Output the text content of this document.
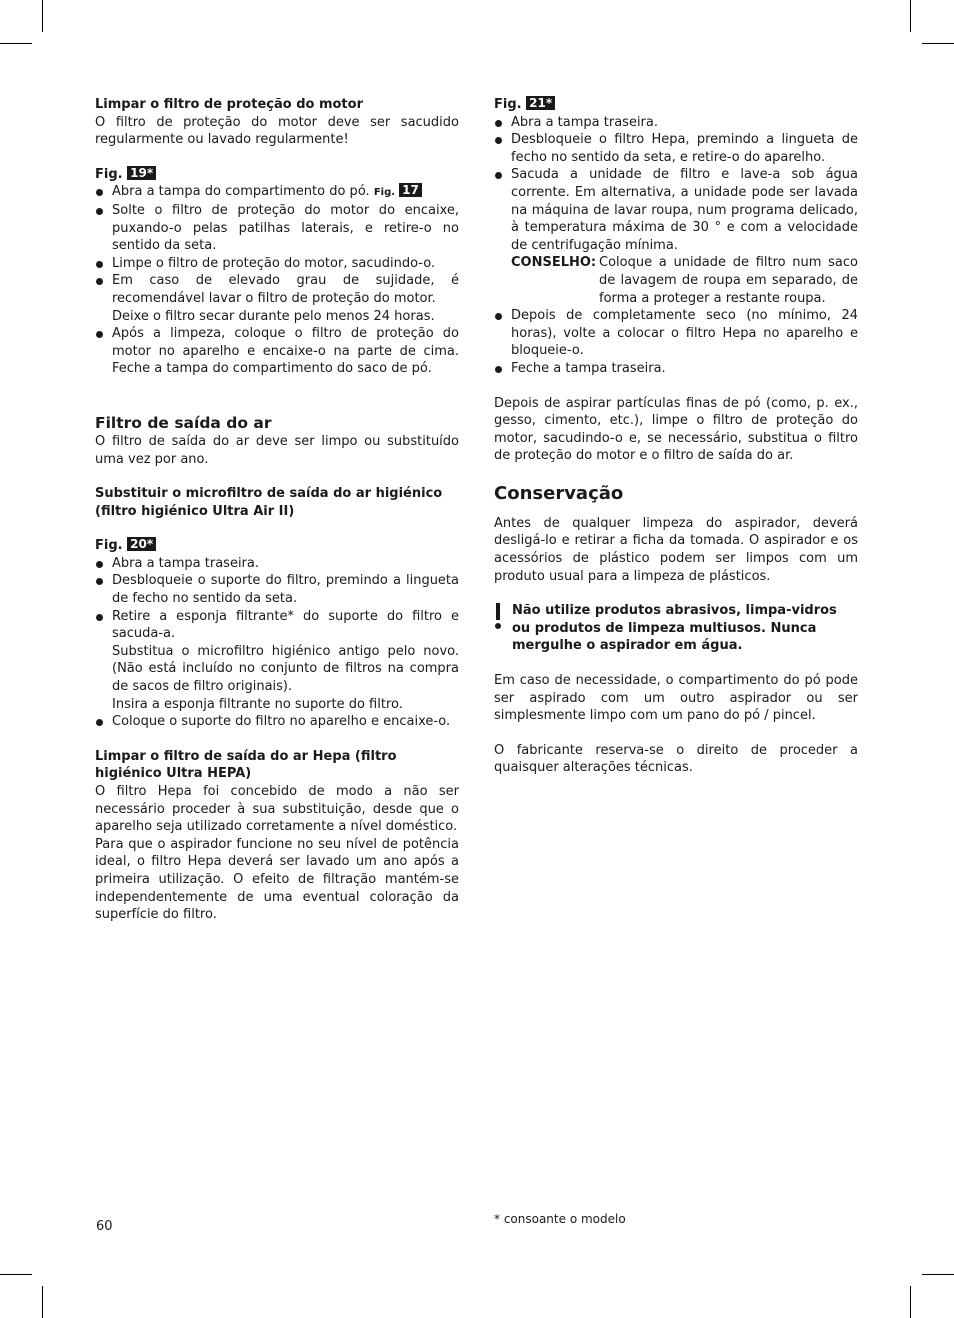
Limpar o filtro de proteção do motor

O filtro de proteção do motor deve ser sacudido regularmente ou lavado regularmente!

Fig. 19*
Abra a tampa do compartimento do pó. Fig. 17
Solte o filtro de proteção do motor do encaixe, puxando-o pelas patilhas laterais, e retire-o no sentido da seta.
Limpe o filtro de proteção do motor, sacudindo-o.
Em caso de elevado grau de sujidade, é recomendável lavar o filtro de proteção do motor.
Deixe o filtro secar durante pelo menos 24 horas.
Após a limpeza, coloque o filtro de proteção do motor no aparelho e encaixe-o na parte de cima. Feche a tampa do compartimento do saco de pó.
Filtro de saída do ar

O filtro de saída do ar deve ser limpo ou substituído uma vez por ano.

Substituir o microfiltro de saída do ar higiénico (filtro higiénico Ultra Air II)
Fig. 20*
Abra a tampa traseira.
Desbloqueie o suporte do filtro, premindo a lingueta de fecho no sentido da seta.
Retire a esponja filtrante* do suporte do filtro e sacuda-a.
Substitua o microfiltro higiénico antigo pelo novo. (Não está incluído no conjunto de filtros na compra de sacos de filtro originais).
Insira a esponja filtrante no suporte do filtro.
Coloque o suporte do filtro no aparelho e encaixe-o.
Limpar o filtro de saída do ar Hepa (filtro higiénico Ultra HEPA)

O filtro Hepa foi concebido de modo a não ser necessário proceder à sua substituição, desde que o aparelho seja utilizado corretamente a nível doméstico.

Para que o aspirador funcione no seu nível de potência ideal, o filtro Hepa deverá ser lavado um ano após a primeira utilização. O efeito de filtração mantém-se independentemente de uma eventual coloração da superfície do filtro.

Fig. 21*
Abra a tampa traseira.
Desbloqueie o filtro Hepa, premindo a lingueta de fecho no sentido da seta, e retire-o do aparelho.
Sacuda a unidade de filtro e lave-a sob água corrente. Em alternativa, a unidade pode ser lavada na máquina de lavar roupa, num programa delicado, à temperatura máxima de 30 ° e com a velocidade de centrifugação mínima.
CONSELHO: Coloque a unidade de filtro num saco de lavagem de roupa em separado, de forma a proteger a restante roupa.
Depois de completamente seco (no mínimo, 24 horas), volte a colocar o filtro Hepa no aparelho e bloqueie-o.
Feche a tampa traseira.

Depois de aspirar partículas finas de pó (como, p. ex., gesso, cimento, etc.), limpe o filtro de proteção do motor, sacudindo-o e, se necessário, substitua o filtro de proteção do motor e o filtro de saída do ar.

Conservação

Antes de qualquer limpeza do aspirador, deverá desligá-lo e retirar a ficha da tomada. O aspirador e os acessórios de plástico podem ser limpos com um produto usual para a limpeza de plásticos.

Não utilize produtos abrasivos, limpa-vidros ou produtos de limpeza multiusos. Nunca mergulhe o aspirador em água.

Em caso de necessidade, o compartimento do pó pode ser aspirado com um outro aspirador ou ser simplesmente limpo com um pano do pó / pincel.

O fabricante reserva-se o direito de proceder a quaisquer alterações técnicas.

60	* consoante o modelo
